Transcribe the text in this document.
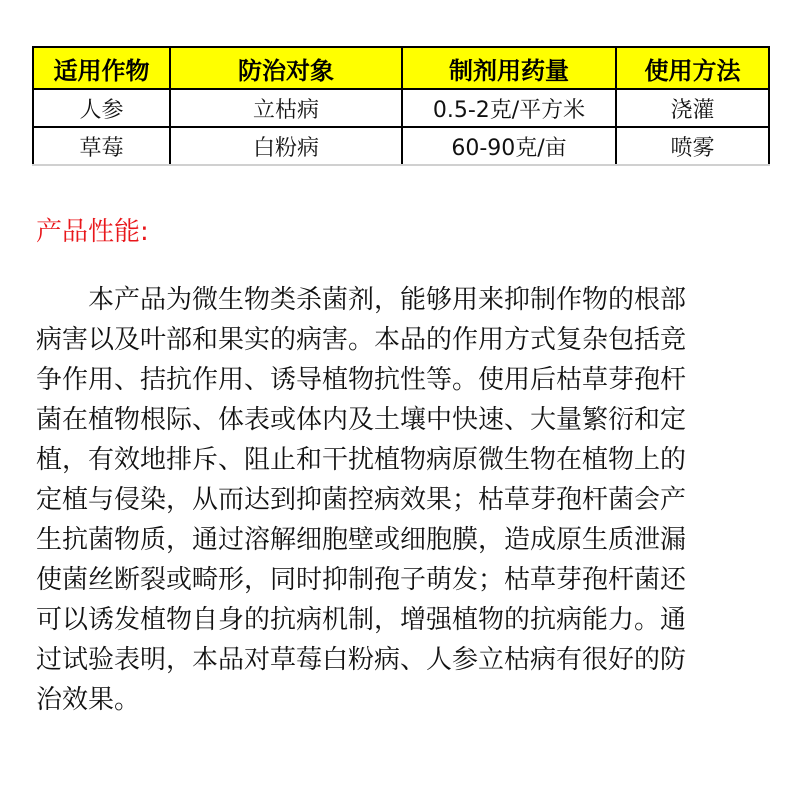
适用作物	防治对象	制剂用药量	使用方法
人参	立枯病	0.5-2克/平方米	浇灌
草莓	白粉病	60-90克/亩	喷雾
产品性能:
本产品为微生物类杀菌剂，能够用来抑制作物的根部
病害以及叶部和果实的病害。本品的作用方式复杂包括竞
争作用、拮抗作用、诱导植物抗性等。使用后枯草芽孢杆
菌在植物根际、体表或体内及土壤中快速、大量繁衍和定
植，有效地排斥、阻止和干扰植物病原微生物在植物上的
定植与侵染，从而达到抑菌控病效果；枯草芽孢杆菌会产
生抗菌物质，通过溶解细胞壁或细胞膜，造成原生质泄漏
使菌丝断裂或畸形，同时抑制孢子萌发；枯草芽孢杆菌还
可以诱发植物自身的抗病机制，增强植物的抗病能力。通
过试验表明，本品对草莓白粉病、人参立枯病有很好的防
治效果。
